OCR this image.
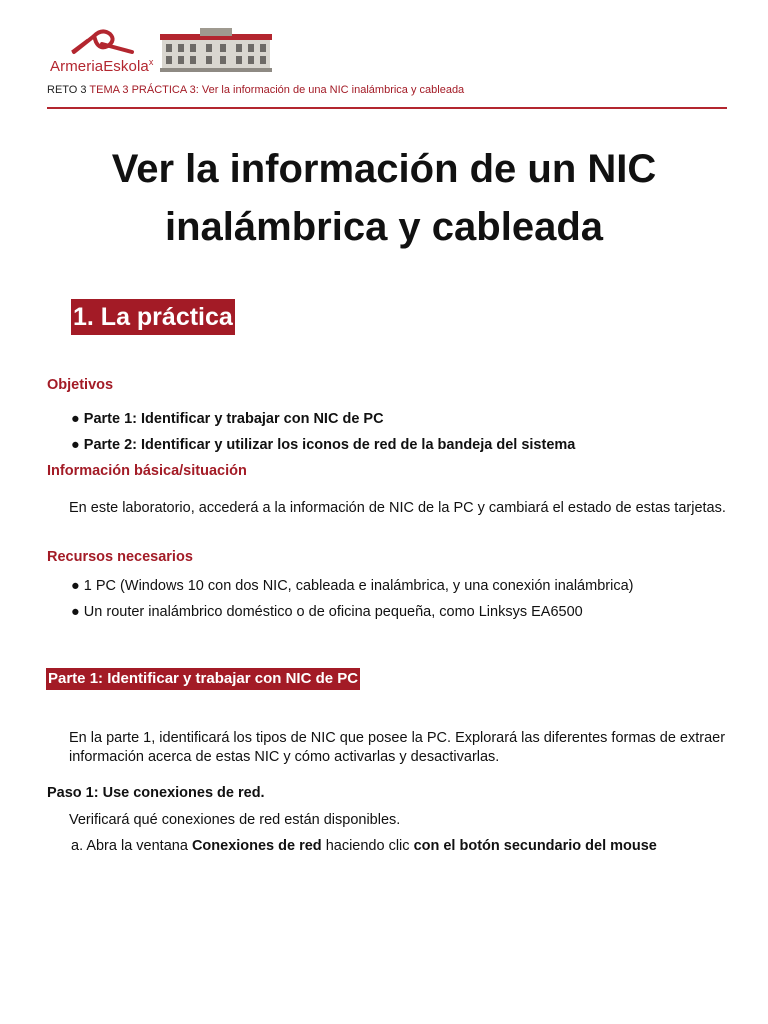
ArmeriaEskola$^x$
RETO 3 TEMA 3 PRÁCTICA 3: Ver la información de una NIC inalámbrica y cableada
Ver la información de un NIC
inalámbrica y cableada
1. La práctica
Objetivos
● Parte 1: Identificar y trabajar con NIC de PC
● Parte 2: Identificar y utilizar los iconos de red de la bandeja del sistema
Información básica/situación
En este laboratorio, accederá a la información de NIC de la PC y cambiará el estado de estas tarjetas.
Recursos necesarios
● 1 PC (Windows 10 con dos NIC, cableada e inalámbrica, y una conexión inalámbrica)
● Un router inalámbrico doméstico o de oficina pequeña, como Linksys EA6500
Parte 1: Identificar y trabajar con NIC de PC
En la parte 1, identificará los tipos de NIC que posee la PC. Explorará las diferentes formas de extraer información acerca de estas NIC y cómo activarlas y desactivarlas.
Paso 1: Use conexiones de red.
Verificará qué conexiones de red están disponibles.
a. Abra la ventana Conexiones de red haciendo clic con el botón secundario del mouse
